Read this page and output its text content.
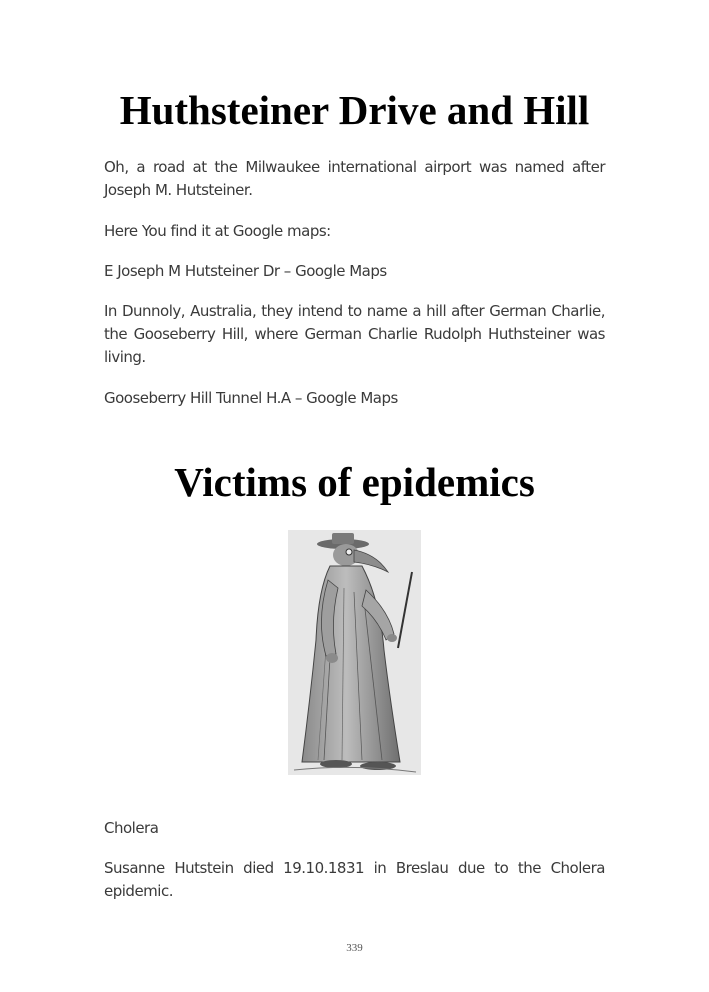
Huthsteiner Drive and Hill

Oh, a road at the Milwaukee international airport was named after Joseph M. Hutsteiner.

Here You find it at Google maps:

E Joseph M Hutsteiner Dr – Google Maps

In Dunnoly, Australia, they intend to name a hill after German Charlie, the Gooseberry Hill, where German Charlie Rudolph Huthsteiner was living.

Gooseberry Hill Tunnel H.A – Google Maps

Victims of epidemics

Cholera

Susanne Hutstein died 19.10.1831 in Breslau due to the Cholera epidemic.

339
